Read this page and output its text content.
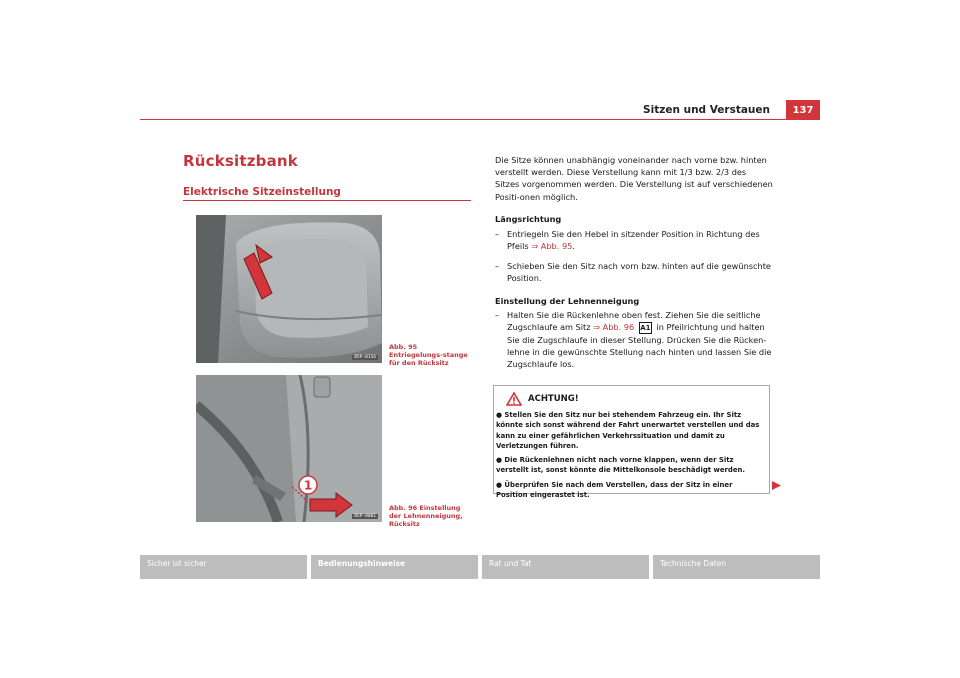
Sitzen und Verstauen	137
Rücksitzbank
Elektrische Sitzeinstellung
B5P-0156
Abb. 95 Entriegelungs-stange für den Rücksitz
1
B5P-0001
Abb. 96 Einstellung der Lehnenneigung, Rücksitz
Die Sitze können unabhängig voneinander nach vorne bzw. hinten verstellt werden. Diese Verstellung kann mit 1/3 bzw. 2/3 des Sitzes vorgenommen werden. Die Verstellung ist auf verschiedenen Positi-onen möglich.
Längsrichtung
– Entriegeln Sie den Hebel in sitzender Position in Richtung des Pfeils ⇒ Abb. 95.
– Schieben Sie den Sitz nach vorn bzw. hinten auf die gewünschte Position.
Einstellung der Lehnenneigung
– Halten Sie die Rückenlehne oben fest. Ziehen Sie die seitliche Zugschlaufe am Sitz ⇒ Abb. 96 A1 in Pfeilrichtung und halten Sie die Zugschlaufe in dieser Stellung. Drücken Sie die Rücken-lehne in die gewünschte Stellung nach hinten und lassen Sie die Zugschlaufe los.
ACHTUNG!
● Stellen Sie den Sitz nur bei stehendem Fahrzeug ein. Ihr Sitz könnte sich sonst während der Fahrt unerwartet verstellen und das kann zu einer gefährlichen Verkehrssituation und damit zu Verletzungen führen.
● Die Rückenlehnen nicht nach vorne klappen, wenn der Sitz verstellt ist, sonst könnte die Mittelkonsole beschädigt werden.
● Überprüfen Sie nach dem Verstellen, dass der Sitz in einer Position eingerastet ist.
Sicher ist sicher	Bedienungshinweise	Rat und Tat	Technische Daten
